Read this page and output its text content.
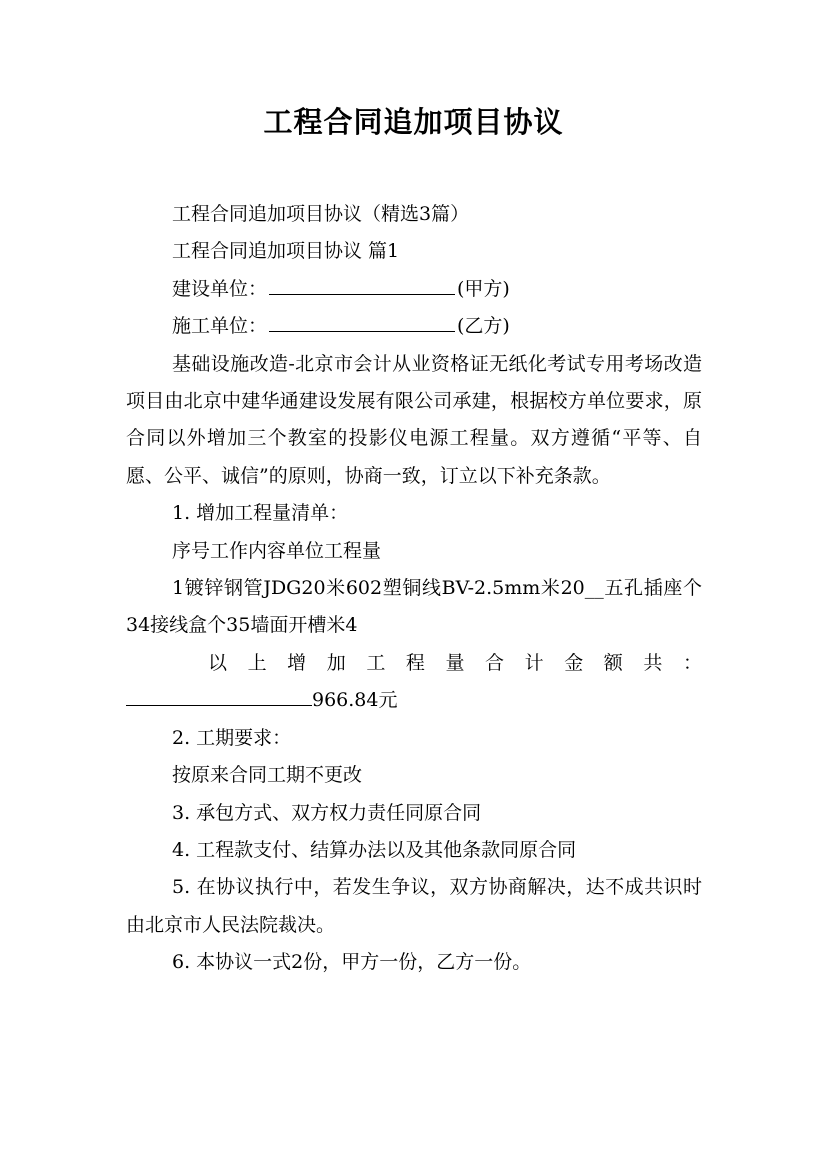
工程合同追加项目协议

工程合同追加项目协议（精选3篇）

工程合同追加项目协议 篇1

建设单位：	(甲方)

施工单位：	(乙方)

基础设施改造-北京市会计从业资格证无纸化考试专用考场改造项目由北京中建华通建设发展有限公司承建，根据校方单位要求，原合同以外增加三个教室的投影仪电源工程量。双方遵循“平等、自愿、公平、诚信”的原则，协商一致，订立以下补充条款。

1. 增加工程量清单：

序号工作内容单位工程量

1镀锌钢管JDG20米602塑铜线BV-2.5mm米20__五孔插座个34接线盒个35墙面开槽米4

以 上 增 加 工 程 量 合 计 金 额 共 ：

966.84元

2. 工期要求：

按原来合同工期不更改

3. 承包方式、双方权力责任同原合同

4. 工程款支付、结算办法以及其他条款同原合同

5. 在协议执行中，若发生争议，双方协商解决，达不成共识时由北京市人民法院裁决。

6. 本协议一式2份，甲方一份，乙方一份。
